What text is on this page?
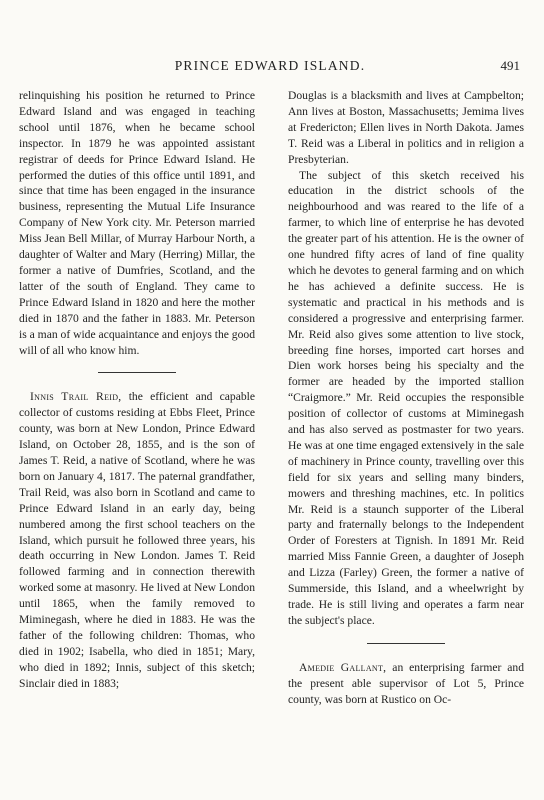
PRINCE EDWARD ISLAND.	491

relinquishing his position he returned to Prince Edward Island and was engaged in teaching school until 1876, when he became school inspector. In 1879 he was appointed assistant registrar of deeds for Prince Edward Island. He performed the duties of this office until 1891, and since that time has been engaged in the insurance business, representing the Mutual Life Insurance Company of New York city. Mr. Peterson married Miss Jean Bell Millar, of Murray Harbour North, a daughter of Walter and Mary (Herring) Millar, the former a native of Dumfries, Scotland, and the latter of the south of England. They came to Prince Edward Island in 1820 and here the mother died in 1870 and the father in 1883. Mr. Peterson is a man of wide acquaintance and enjoys the good will of all who know him.

Innis Trail Reid, the efficient and capable collector of customs residing at Ebbs Fleet, Prince county, was born at New London, Prince Edward Island, on October 28, 1855, and is the son of James T. Reid, a native of Scotland, where he was born on January 4, 1817. The paternal grandfather, Trail Reid, was also born in Scotland and came to Prince Edward Island in an early day, being numbered among the first school teachers on the Island, which pursuit he followed three years, his death occurring in New London. James T. Reid followed farming and in connection therewith worked some at masonry. He lived at New London until 1865, when the family removed to Miminegash, where he died in 1883. He was the father of the following children: Thomas, who died in 1902; Isabella, who died in 1851; Mary, who died in 1892; Innis, subject of this sketch; Sinclair died in 1883;

Douglas is a blacksmith and lives at Campbelton; Ann lives at Boston, Massachusetts; Jemima lives at Fredericton; Ellen lives in North Dakota. James T. Reid was a Liberal in politics and in religion a Presbyterian.

The subject of this sketch received his education in the district schools of the neighbourhood and was reared to the life of a farmer, to which line of enterprise he has devoted the greater part of his attention. He is the owner of one hundred fifty acres of land of fine quality which he devotes to general farming and on which he has achieved a definite success. He is systematic and practical in his methods and is considered a progressive and enterprising farmer. Mr. Reid also gives some attention to live stock, breeding fine horses, imported cart horses and Dien work horses being his specialty and the former are headed by the imported stallion “Craigmore.” Mr. Reid occupies the responsible position of collector of customs at Miminegash and has also served as postmaster for two years. He was at one time engaged extensively in the sale of machinery in Prince county, travelling over this field for six years and selling many binders, mowers and threshing machines, etc. In politics Mr. Reid is a staunch supporter of the Liberal party and fraternally belongs to the Independent Order of Foresters at Tignish. In 1891 Mr. Reid married Miss Fannie Green, a daughter of Joseph and Lizza (Farley) Green, the former a native of Summerside, this Island, and a wheelwright by trade. He is still living and operates a farm near the subject's place.

Amedie Gallant, an enterprising farmer and the present able supervisor of Lot 5, Prince county, was born at Rustico on Oc-
